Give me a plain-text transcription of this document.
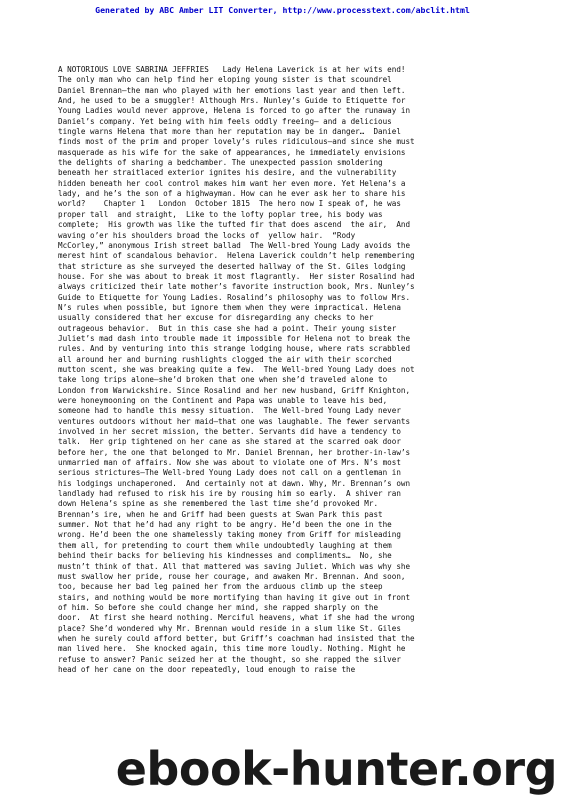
Generated by ABC Amber LIT Converter, http://www.processtext.com/abclit.html
A NOTORIOUS LOVE SABRINA JEFFRIES   Lady Helena Laverick is at her wits end!
The only man who can help find her eloping young sister is that scoundrel
Daniel Brennan—the man who played with her emotions last year and then left.
And, he used to be a smuggler! Although Mrs. Nunley’s Guide to Etiquette for
Young Ladies would never approve, Helena is forced to go after the runaway in
Daniel’s company. Yet being with him feels oddly freeing— and a delicious
tingle warns Helena that more than her reputation may be in danger…  Daniel
finds most of the prim and proper lovely’s rules ridiculous—and since she must
masquerade as his wife for the sake of appearances, he immediately envisions
the delights of sharing a bedchamber. The unexpected passion smoldering
beneath her straitlaced exterior ignites his desire, and the vulnerability
hidden beneath her cool control makes him want her even more. Yet Helena’s a
lady, and he’s the son of a highwayman. How can he ever ask her to share his
world?    Chapter 1   London  October 1815  The hero now I speak of, he was
proper tall  and straight,  Like to the lofty poplar tree, his body was
complete;  His growth was like the tufted fir that does ascend  the air,  And
waving o’er his shoulders broad the locks of  yellow hair.  “Rody
McCorley,” anonymous Irish street ballad  The Well-bred Young Lady avoids the
merest hint of scandalous behavior.  Helena Laverick couldn’t help remembering
that stricture as she surveyed the deserted hallway of the St. Giles lodging
house. For she was about to break it most flagrantly.  Her sister Rosalind had
always criticized their late mother’s favorite instruction book, Mrs. Nunley’s
Guide to Etiquette for Young Ladies. Rosalind’s philosophy was to follow Mrs.
N’s rules when possible, but ignore them when they were impractical. Helena
usually considered that her excuse for disregarding any checks to her
outrageous behavior.  But in this case she had a point. Their young sister
Juliet’s mad dash into trouble made it impossible for Helena not to break the
rules. And by venturing into this strange lodging house, where rats scrabbled
all around her and burning rushlights clogged the air with their scorched
mutton scent, she was breaking quite a few.  The Well-bred Young Lady does not
take long trips alone—she’d broken that one when she’d traveled alone to
London from Warwickshire. Since Rosalind and her new husband, Griff Knighton,
were honeymooning on the Continent and Papa was unable to leave his bed,
someone had to handle this messy situation.  The Well-bred Young Lady never
ventures outdoors without her maid—that one was laughable. The fewer servants
involved in her secret mission, the better. Servants did have a tendency to
talk.  Her grip tightened on her cane as she stared at the scarred oak door
before her, the one that belonged to Mr. Daniel Brennan, her brother-in-law’s
unmarried man of affairs. Now she was about to violate one of Mrs. N’s most
serious strictures—The Well-bred Young Lady does not call on a gentleman in
his lodgings unchaperoned.  And certainly not at dawn. Why, Mr. Brennan’s own
landlady had refused to risk his ire by rousing him so early.  A shiver ran
down Helena’s spine as she remembered the last time she’d provoked Mr.
Brennan’s ire, when he and Griff had been guests at Swan Park this past
summer. Not that he’d had any right to be angry. He’d been the one in the
wrong. He’d been the one shamelessly taking money from Griff for misleading
them all, for pretending to court them while undoubtedly laughing at them
behind their backs for believing his kindnesses and compliments…  No, she
mustn’t think of that. All that mattered was saving Juliet. Which was why she
must swallow her pride, rouse her courage, and awaken Mr. Brennan. And soon,
too, because her bad leg pained her from the arduous climb up the steep
stairs, and nothing would be more mortifying than having it give out in front
of him. So before she could change her mind, she rapped sharply on the
door.  At first she heard nothing. Merciful heavens, what if she had the wrong
place? She’d wondered why Mr. Brennan would reside in a slum like St. Giles
when he surely could afford better, but Griff’s coachman had insisted that the
man lived here.  She knocked again, this time more loudly. Nothing. Might he
refuse to answer? Panic seized her at the thought, so she rapped the silver
head of her cane on the door repeatedly, loud enough to raise the
ebook-hunter.org
